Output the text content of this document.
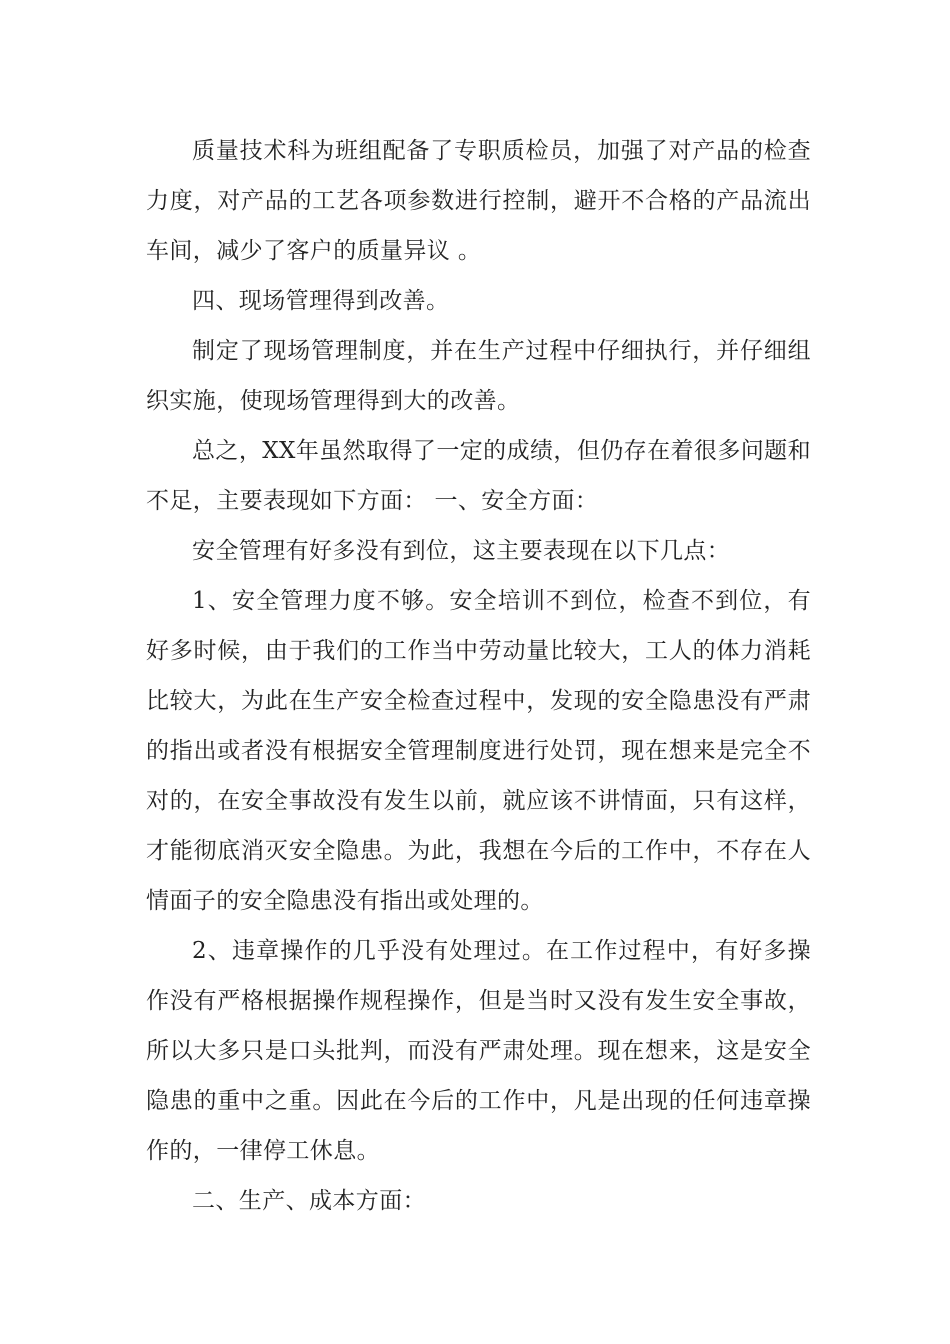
质量技术科为班组配备了专职质检员，加强了对产品的检查力度，对产品的工艺各项参数进行控制，避开不合格的产品流出车间，减少了客户的质量异议 。

四、现场管理得到改善。

制定了现场管理制度，并在生产过程中仔细执行，并仔细组织实施，使现场管理得到大的改善。

总之，XX年虽然取得了一定的成绩，但仍存在着很多问题和不足，主要表现如下方面： 一、安全方面：

安全管理有好多没有到位，这主要表现在以下几点：

1、安全管理力度不够。安全培训不到位，检查不到位，有好多时候，由于我们的工作当中劳动量比较大，工人的体力消耗比较大，为此在生产安全检查过程中，发现的安全隐患没有严肃的指出或者没有根据安全管理制度进行处罚，现在想来是完全不对的，在安全事故没有发生以前，就应该不讲情面，只有这样，才能彻底消灭安全隐患。为此，我想在今后的工作中，不存在人情面子的安全隐患没有指出或处理的。

2、违章操作的几乎没有处理过。在工作过程中，有好多操作没有严格根据操作规程操作，但是当时又没有发生安全事故，所以大多只是口头批判，而没有严肃处理。现在想来，这是安全隐患的重中之重。因此在今后的工作中，凡是出现的任何违章操作的，一律停工休息。

二、生产、成本方面：
